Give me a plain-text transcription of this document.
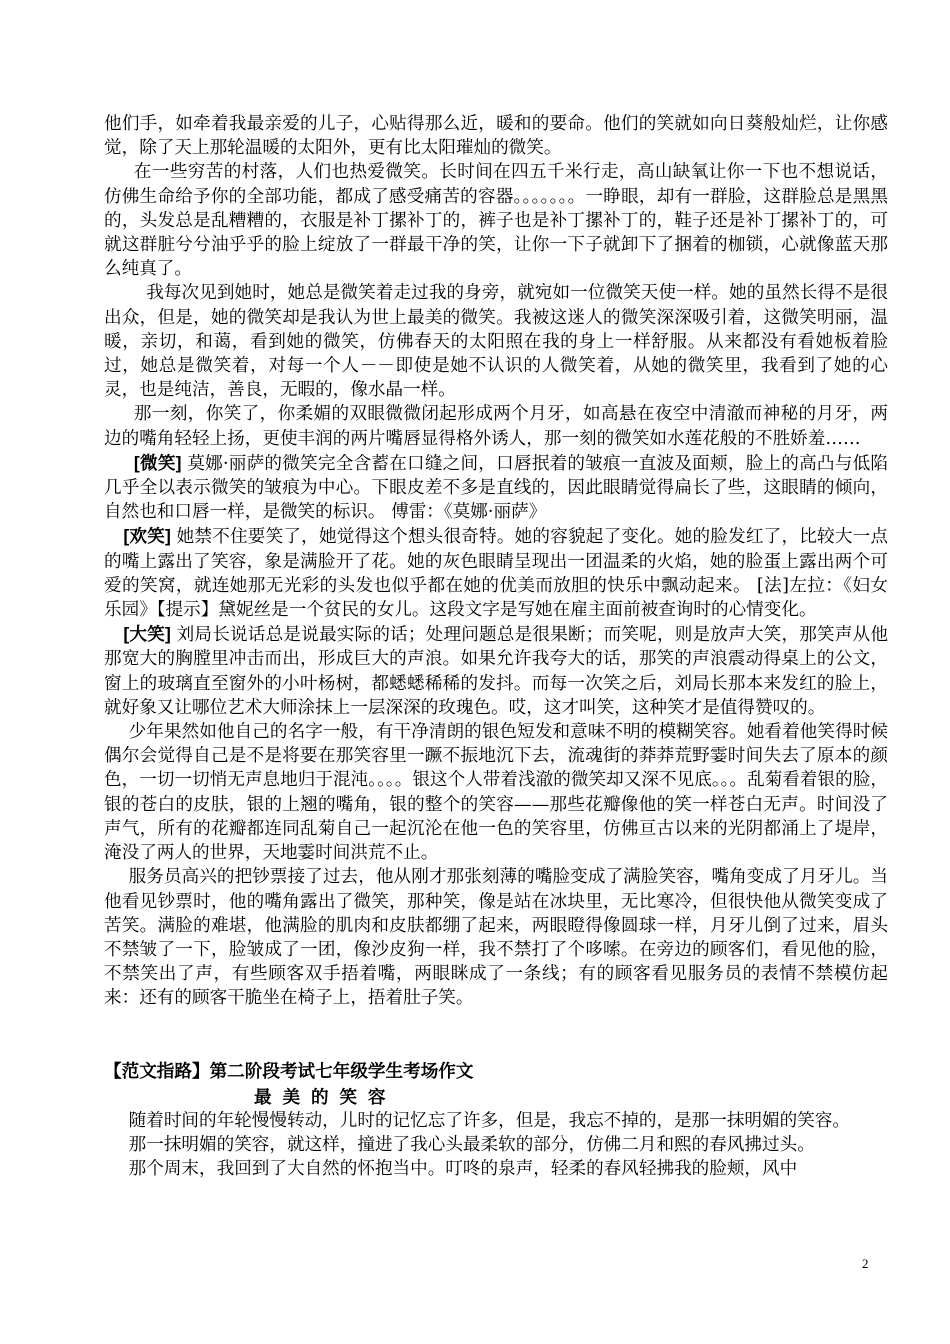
他们手，如牵着我最亲爱的儿子，心贴得那么近，暖和的要命。他们的笑就如向日葵般灿烂，让你感觉，除了天上那轮温暖的太阳外，更有比太阳璀灿的微笑。

在一些穷苦的村落，人们也热爱微笑。长时间在四五千米行走，高山缺氧让你一下也不想说话，仿佛生命给予你的全部功能，都成了感受痛苦的容器。。。。。。。一睁眼，却有一群脸，这群脸总是黑黑的，头发总是乱糟糟的，衣服是补丁摞补丁的，裤子也是补丁摞补丁的，鞋子还是补丁摞补丁的，可就这群脏兮兮油乎乎的脸上绽放了一群最干净的笑，让你一下子就卸下了捆着的枷锁，心就像蓝天那么纯真了。

我每次见到她时，她总是微笑着走过我的身旁，就宛如一位微笑天使一样。她的虽然长得不是很出众，但是，她的微笑却是我认为世上最美的微笑。我被这迷人的微笑深深吸引着，这微笑明丽，温暖，亲切，和蔼，看到她的微笑，仿佛春天的太阳照在我的身上一样舒服。从来都没有看她板着脸过，她总是微笑着，对每一个人－－即使是她不认识的人微笑着，从她的微笑里，我看到了她的心灵，也是纯洁，善良，无暇的，像水晶一样。

那一刻，你笑了，你柔媚的双眼微微闭起形成两个月牙，如高悬在夜空中清澈而神秘的月牙，两边的嘴角轻轻上扬，更使丰润的两片嘴唇显得格外诱人，那一刻的微笑如水莲花般的不胜娇羞……

[微笑] 莫娜·丽萨的微笑完全含蓄在口缝之间，口唇抿着的皱痕一直波及面颊，脸上的高凸与低陷几乎全以表示微笑的皱痕为中心。下眼皮差不多是直线的，因此眼睛觉得扁长了些，这眼睛的倾向，自然也和口唇一样，是微笑的标识。 傅雷：《莫娜·丽萨》

[欢笑] 她禁不住要笑了，她觉得这个想头很奇特。她的容貌起了变化。她的脸发红了，比较大一点的嘴上露出了笑容，象是满脸开了花。她的灰色眼睛呈现出一团温柔的火焰，她的脸蛋上露出两个可爱的笑窝，就连她那无光彩的头发也似乎都在她的优美而放胆的快乐中飘动起来。 [法]左拉：《妇女乐园》【提示】黛妮丝是一个贫民的女儿。这段文字是写她在雇主面前被查询时的心情变化。

[大笑] 刘局长说话总是说最实际的话；处理问题总是很果断；而笑呢，则是放声大笑，那笑声从他那宽大的胸膛里冲击而出，形成巨大的声浪。如果允许我夸大的话，那笑的声浪震动得桌上的公文，窗上的玻璃直至窗外的小叶杨树，都蟋蟋稀稀的发抖。而每一次笑之后，刘局长那本来发红的脸上，就好象又让哪位艺术大师涂抹上一层深深的玫瑰色。哎，这才叫笑，这种笑才是值得赞叹的。

少年果然如他自己的名字一般，有干净清朗的银色短发和意味不明的模糊笑容。她看着他笑得时候偶尔会觉得自己是不是将要在那笑容里一蹶不振地沉下去，流魂街的莽莽荒野霎时间失去了原本的颜色，一切一切悄无声息地归于混沌。。。。银这个人带着浅澈的微笑却又深不见底。。。乱菊看着银的脸，银的苍白的皮肤，银的上翘的嘴角，银的整个的笑容——那些花瓣像他的笑一样苍白无声。时间没了声气，所有的花瓣都连同乱菊自己一起沉沦在他一色的笑容里，仿佛亘古以来的光阴都涌上了堤岸，淹没了两人的世界，天地霎时间洪荒不止。

服务员高兴的把钞票接了过去，他从刚才那张刻薄的嘴脸变成了满脸笑容，嘴角变成了月牙儿。当他看见钞票时，他的嘴角露出了微笑，那种笑，像是站在冰块里，无比寒冷，但很快他从微笑变成了苦笑。满脸的难堪，他满脸的肌肉和皮肤都绷了起来，两眼瞪得像圆球一样，月牙儿倒了过来，眉头不禁皱了一下，脸皱成了一团，像沙皮狗一样，我不禁打了个哆嗦。在旁边的顾客们，看见他的脸，不禁笑出了声，有些顾客双手捂着嘴，两眼眯成了一条线；有的顾客看见服务员的表情不禁模仿起来：还有的顾客干脆坐在椅子上，捂着肚子笑。

【范文指路】第二阶段考试七年级学生考场作文

最 美 的 笑 容

随着时间的年轮慢慢转动，儿时的记忆忘了许多，但是，我忘不掉的，是那一抹明媚的笑容。

那一抹明媚的笑容，就这样，撞进了我心头最柔软的部分，仿佛二月和熙的春风拂过头。

那个周末，我回到了大自然的怀抱当中。叮咚的泉声，轻柔的春风轻拂我的脸颊，风中

2
